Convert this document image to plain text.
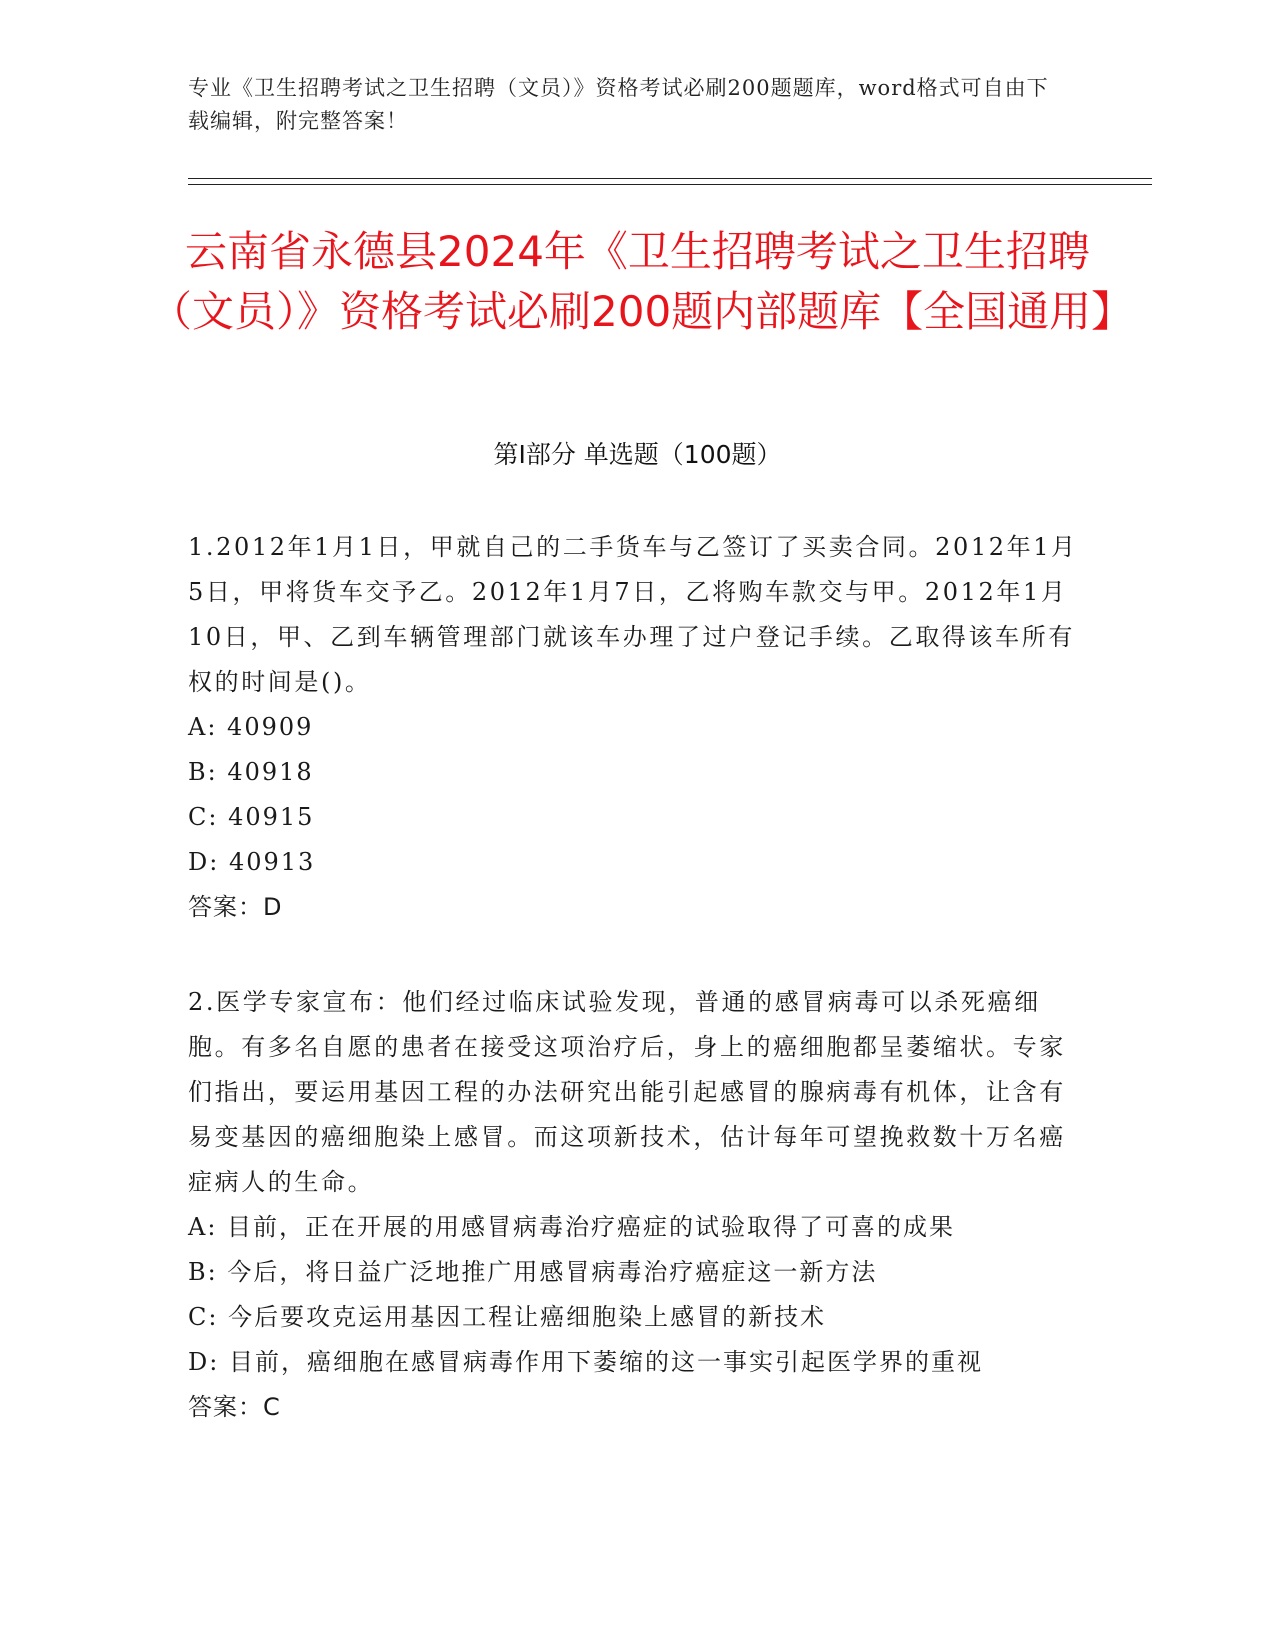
专业《卫生招聘考试之卫生招聘（文员）》资格考试必刷200题题库，word格式可自由下载编辑，附完整答案！
云南省永德县2024年《卫生招聘考试之卫生招聘（文员）》资格考试必刷200题内部题库【全国通用】
第I部分 单选题（100题）
1.2012年1月1日，甲就自己的二手货车与乙签订了买卖合同。2012年1月5日，甲将货车交予乙。2012年1月7日，乙将购车款交与甲。2012年1月10日，甲、乙到车辆管理部门就该车办理了过户登记手续。乙取得该车所有权的时间是()。
A: 40909
B: 40918
C: 40915
D: 40913
答案：D
2.医学专家宣布：他们经过临床试验发现，普通的感冒病毒可以杀死癌细胞。有多名自愿的患者在接受这项治疗后，身上的癌细胞都呈萎缩状。专家们指出，要运用基因工程的办法研究出能引起感冒的腺病毒有机体，让含有易变基因的癌细胞染上感冒。而这项新技术，估计每年可望挽救数十万名癌症病人的生命。
A: 目前，正在开展的用感冒病毒治疗癌症的试验取得了可喜的成果
B: 今后，将日益广泛地推广用感冒病毒治疗癌症这一新方法
C: 今后要攻克运用基因工程让癌细胞染上感冒的新技术
D: 目前，癌细胞在感冒病毒作用下萎缩的这一事实引起医学界的重视
答案：C
